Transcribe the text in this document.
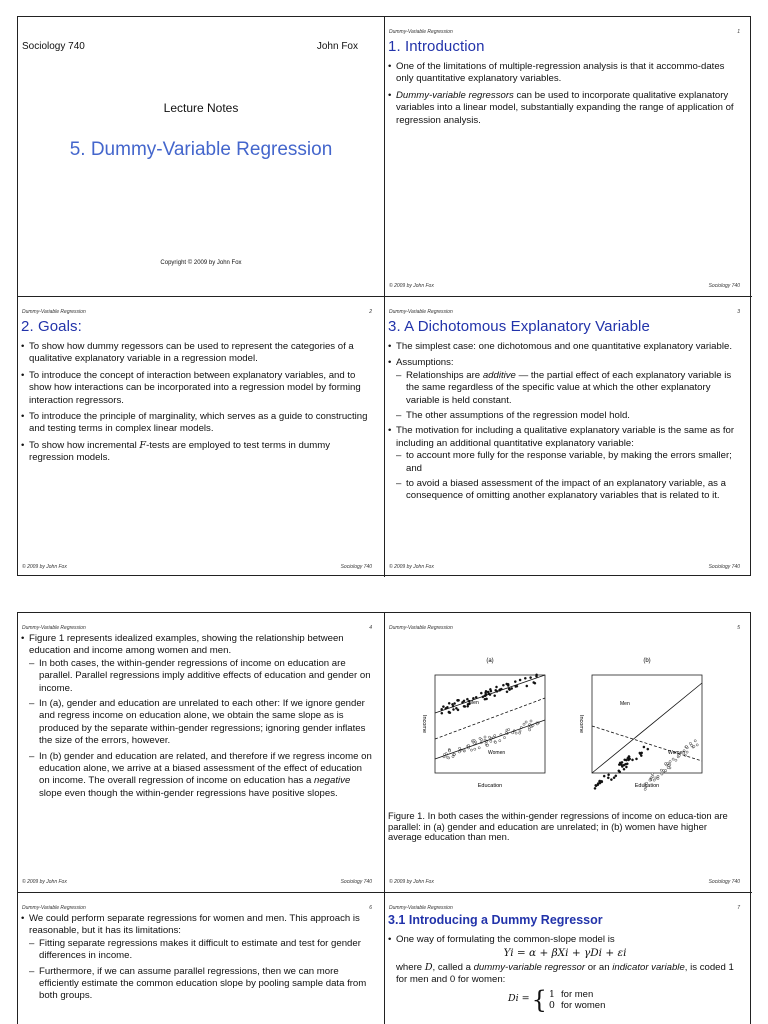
Sociology 740	John Fox
Lecture Notes
5. Dummy-Variable Regression
Copyright © 2009 by John Fox
Dummy-Variable Regression	1
1. Introduction
• One of the limitations of multiple-regression analysis is that it accommo-dates only quantitative explanatory variables.
• Dummy-variable regressors can be used to incorporate qualitative explanatory variables into a linear model, substantially expanding the range of application of regression analysis.
© 2009 by John Fox	Sociology 740
Dummy-Variable Regression	2
2. Goals:
• To show how dummy regessors can be used to represent the categories of a qualitative explanatory variable in a regression model.
• To introduce the concept of interaction between explanatory variables, and to show how interactions can be incorporated into a regression model by forming interaction regressors.
• To introduce the principle of marginality, which serves as a guide to constructing and testing terms in complex linear models.
• To show how incremental F-tests are employed to test terms in dummy regression models.
© 2009 by John Fox	Sociology 740
Dummy-Variable Regression	3
3. A Dichotomous Explanatory Variable
• The simplest case: one dichotomous and one quantitative explanatory variable.
• Assumptions:
– Relationships are additive — the partial effect of each explanatory variable is the same regardless of the specific value at which the other explanatory variable is held constant.
– The other assumptions of the regression model hold.
• The motivation for including a qualitative explanatory variable is the same as for including an additional quantitative explanatory variable:
– to account more fully for the response variable, by making the errors smaller; and
– to avoid a biased assessment of the impact of an explanatory variable, as a consequence of omitting another explanatory variables that is related to it.
© 2009 by John Fox	Sociology 740
Dummy-Variable Regression	4
• Figure 1 represents idealized examples, showing the relationship between education and income among women and men.
– In both cases, the within-gender regressions of income on education are parallel. Parallel regressions imply additive effects of education and gender on income.
– In (a), gender and education are unrelated to each other: If we ignore gender and regress income on education alone, we obtain the same slope as is produced by the separate within-gender regressions; ignoring gender inflates the size of the errors, however.
– In (b) gender and education are related, and therefore if we regress income on education alone, we arrive at a biased assessment of the effect of education on income. The overall regression of income on education has a negative slope even though the within-gender regressions have positive slopes.
© 2009 by John Fox	Sociology 740
Dummy-Variable Regression	5
(a)
Men
Women
Education
Income
(b)
Men
Women
Education
Income
Figure 1. In both cases the within-gender regressions of income on educa-tion are parallel: in (a) gender and education are unrelated; in (b) women have higher average education than men.
© 2009 by John Fox	Sociology 740
Dummy-Variable Regression	6
• We could perform separate regressions for women and men. This approach is reasonable, but it has its limitations:
– Fitting separate regressions makes it difficult to estimate and test for gender differences in income.
– Furthermore, if we can assume parallel regressions, then we can more efficiently estimate the common education slope by pooling sample data from both groups.
Dummy-Variable Regression	7
3.1 Introducing a Dummy Regressor
• One way of formulating the common-slope model is
Yi = α + βXi + γDi + εi
where D, called a dummy-variable regressor or an indicator variable, is coded 1 for men and 0 for women:
Di = { 1 for men
0 for women
